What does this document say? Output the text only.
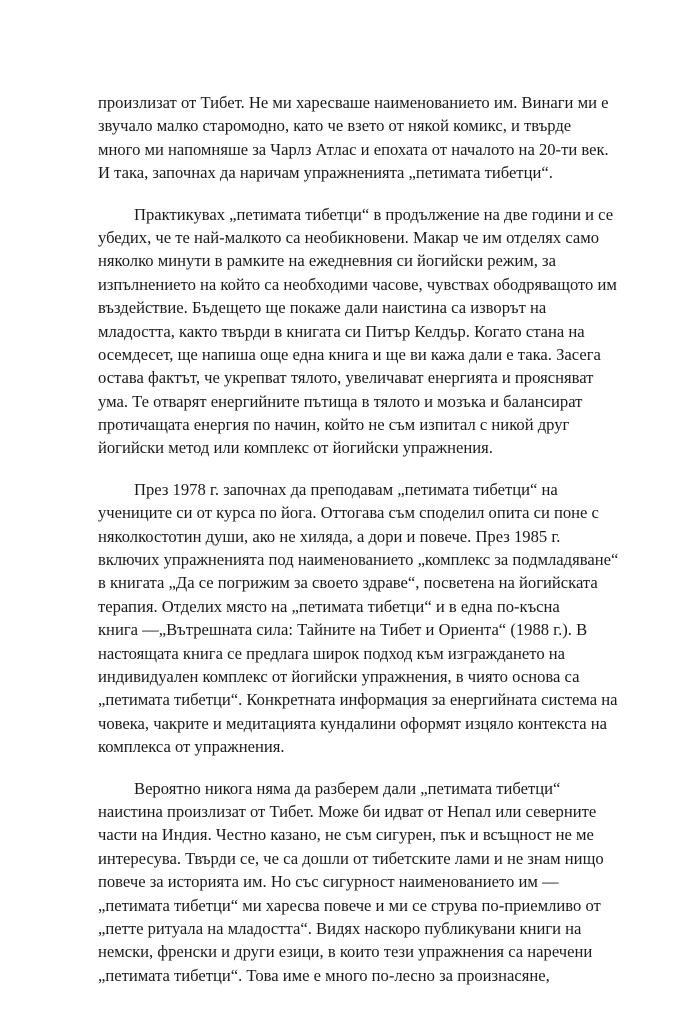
произлизат от Тибет. Не ми харесваше наименованието им. Винаги ми е
звучало малко старомодно, като че взето от някой комикс, и твърде
много ми напомняше за Чарлз Атлас и епохата от началото на 20-ти век.
И така, започнах да наричам упражненията „петимата тибетци“.
Практикувах „петимата тибетци“ в продължение на две години и се
убедих, че те най-малкото са необикновени. Макар че им отделях само
няколко минути в рамките на ежедневния си йогийски режим, за
изпълнението на който са необходими часове, чувствах ободряващото им
въздействие. Бъдещето ще покаже дали наистина са изворът на
младостта, както твърди в книгата си Питър Келдър. Когато стана на
осемдесет, ще напиша още една книга и ще ви кажа дали е така. Засега
остава фактът, че укрепват тялото, увеличават енергията и проясняват
ума. Те отварят енергийните пътища в тялото и мозъка и балансират
протичащата енергия по начин, който не съм изпитал с никой друг
йогийски метод или комплекс от йогийски упражнения.
През 1978 г. започнах да преподавам „петимата тибетци“ на
учениците си от курса по йога. Оттогава съм споделил опита си поне с
няколкостотин души, ако не хиляда, а дори и повече. През 1985 г.
включих упражненията под наименованието „комплекс за подмладяване“
в книгата „Да се погрижим за своето здраве“, посветена на йогийската
терапия. Отделих място на „петимата тибетци“ и в една по-късна
книга —„Вътрешната сила: Тайните на Тибет и Ориента“ (1988 г.). В
настоящата книга се предлага широк подход към изграждането на
индивидуален комплекс от йогийски упражнения, в чиято основа са
„петимата тибетци“. Конкретната информация за енергийната система на
човека, чакрите и медитацията кундалини оформят изцяло контекста на
комплекса от упражнения.
Вероятно никога няма да разберем дали „петимата тибетци“
наистина произлизат от Тибет. Може би идват от Непал или северните
части на Индия. Честно казано, не съм сигурен, пък и всъщност не ме
интересува. Твърди се, че са дошли от тибетските лами и не знам нищо
повече за историята им. Но със сигурност наименованието им —
„петимата тибетци“ ми харесва повече и ми се струва по-приемливо от
„петте ритуала на младостта“. Видях наскоро публикувани книги на
немски, френски и други езици, в които тези упражнения са наречени
„петимата тибетци“. Това име е много по-лесно за произнасяне,
